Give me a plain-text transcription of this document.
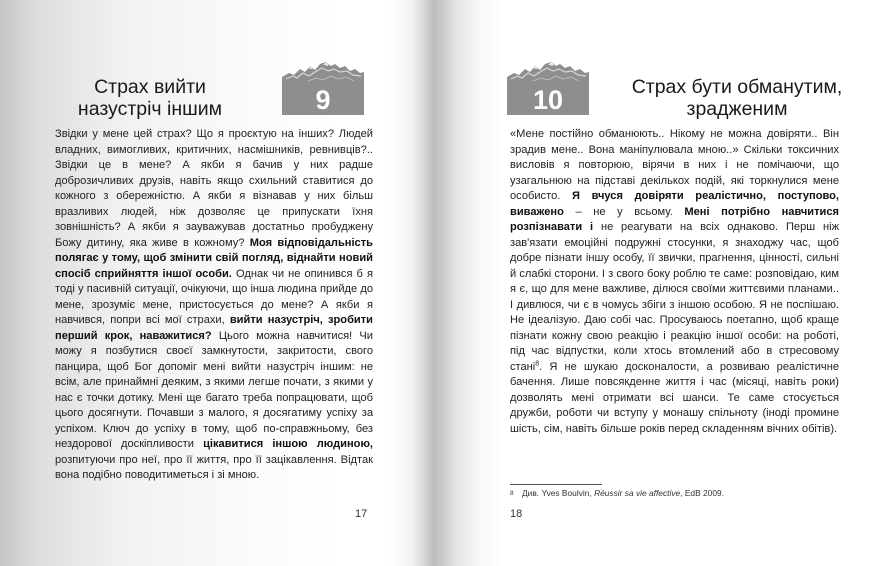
Страх вийти
назустріч іншим	9
Звідки у мене цей страх? Що я проєктую на інших? Людей владних, вимогливих, критичних, насмішників, ревнивців?.. Звідки це в мене? А якби я бачив у них радше доброзичливих друзів, навіть якщо схильний ставитися до кожного з обережністю. А якби я візнавав у них більш вразливих людей, ніж дозволяє це припускати їхня зовнішність? А якби я зауважував достатньо пробуджену Божу дитину, яка живе в кожному? Моя відповідальність полягає у тому, щоб змінити свій погляд, віднайти новий спосіб сприйняття іншої особи. Однак чи не опинився б я тоді у пасивній ситуації, очікуючи, що інша людина прийде до мене, зрозуміє мене, пристосується до мене? А якби я навчився, попри всі мої страхи, вийти назустріч, зробити перший крок, наважитися? Цього можна навчитися! Чи можу я позбутися своєї замкнутости, закритости, свого панцира, щоб Бог допоміг мені вийти назустріч іншим: не всім, але принаймні деяким, з якими легше почати, з якими у нас є точки дотику. Мені ще багато треба попрацювати, щоб цього досягнути. Почавши з малого, я досягатиму успіху за успіхом. Ключ до успіху в тому, щоб по-справжньому, без нездорової доскіпливости цікавитися іншою людиною, розпитуючи про неї, про її життя, про її зацікавлення. Відтак вона подібно поводитиметься і зі мною.
17
10	Страх бути обманутим,
зрадженим
«Мене постійно обманюють.. Нікому не можна довіряти.. Він зрадив мене.. Вона маніпулювала мною..» Скільки токсичних висловів я повторюю, вірячи в них і не помічаючи, що узагальнюю на підставі декількох подій, які торкнулися мене особисто. Я вчуся довіряти реалістично, поступово, виважено – не у всьому. Мені потрібно навчитися розпізнавати і не реагувати на всіх однаково. Перш ніж зав'язати емоційні подружні стосунки, я знаходжу час, щоб добре пізнати іншу особу, її звички, прагнення, цінності, сильні й слабкі сторони. І з свого боку роблю те саме: розповідаю, ким я є, що для мене важливе, ділюся своїми життєвими планами.. І дивлюся, чи є в чомусь збіги з іншою особою. Я не поспішаю. Не ідеалізую. Даю собі час. Просуваюсь поетапно, щоб краще пізнати кожну свою реакцію і реакцію іншої особи: на роботі, під час відпустки, коли хтось втомлений або в стресовому стані$^8$. Я не шукаю досконалости, а розвиваю реалістичне бачення. Лише повсякденне життя і час (місяці, навіть роки) дозволять мені отримати всі шанси. Те саме стосується дружби, роботи чи вступу у монашу спільноту (іноді промине шість, сім, навіть більше років перед складенням вічних обітів).
8 Див. Yves Boulvin, Réussir sa vie affective, EdB 2009.
18
